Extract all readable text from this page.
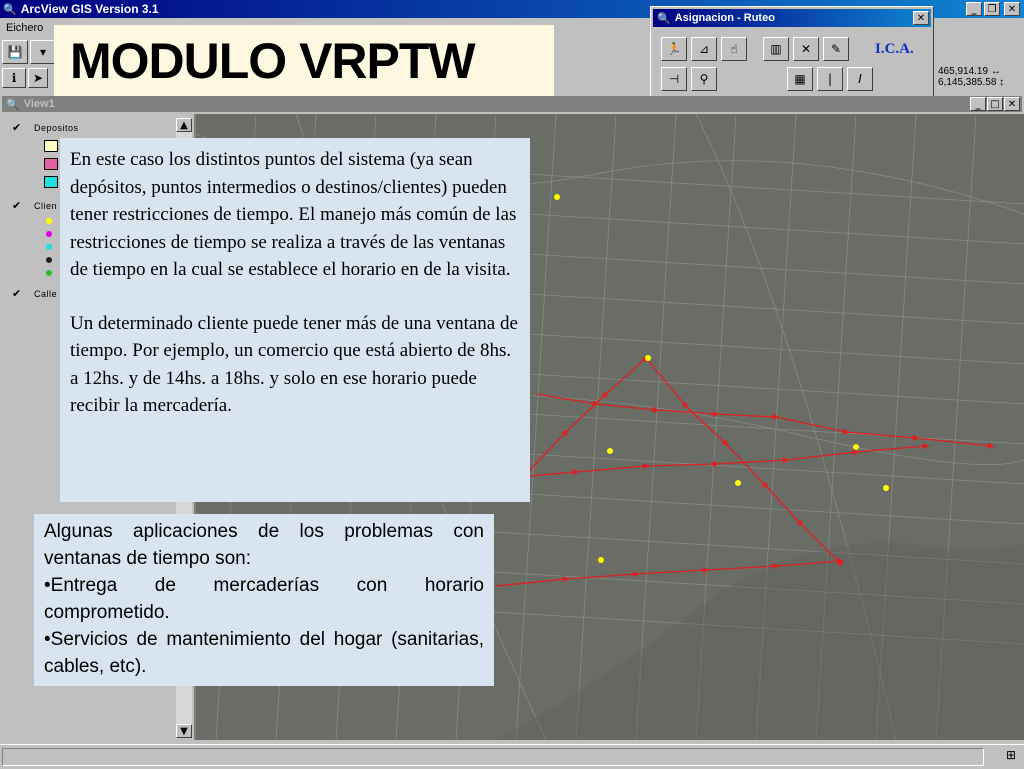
🔍 ArcView GIS Version 3.1	_	❐	✕
Eichero
💾	▾
ℹ	➤	465,914.19 ↔
6,145,385.58 ↕
MODULO VRPTW
🔍 Asignacion - Ruteo	✕
🏃	⊿	☝	▥	✕	✎
⊣	⚲	▦	|	I
I.C.A.
🔍 View1	_ □ ✕
✔	Depositos
✔	Clien
✔	Calle
▲
▼

En este caso los distintos puntos del sistema (ya sean depósitos, puntos intermedios o destinos/clientes) pueden tener restricciones de tiempo. El manejo más común de las restricciones de tiempo se realiza a través de las ventanas de tiempo en la cual se establece el horario en de la visita.

Un determinado cliente puede tener más de una ventana de tiempo. Por ejemplo, un comercio que está abierto de 8hs. a 12hs. y de 14hs. a 18hs. y solo en ese horario puede recibir la mercadería.

Algunas aplicaciones de los problemas con ventanas de tiempo son:

•Entrega de mercaderías con horario comprometido.

•Servicios de mantenimiento del hogar (sanitarias, cables, etc).

⊞
